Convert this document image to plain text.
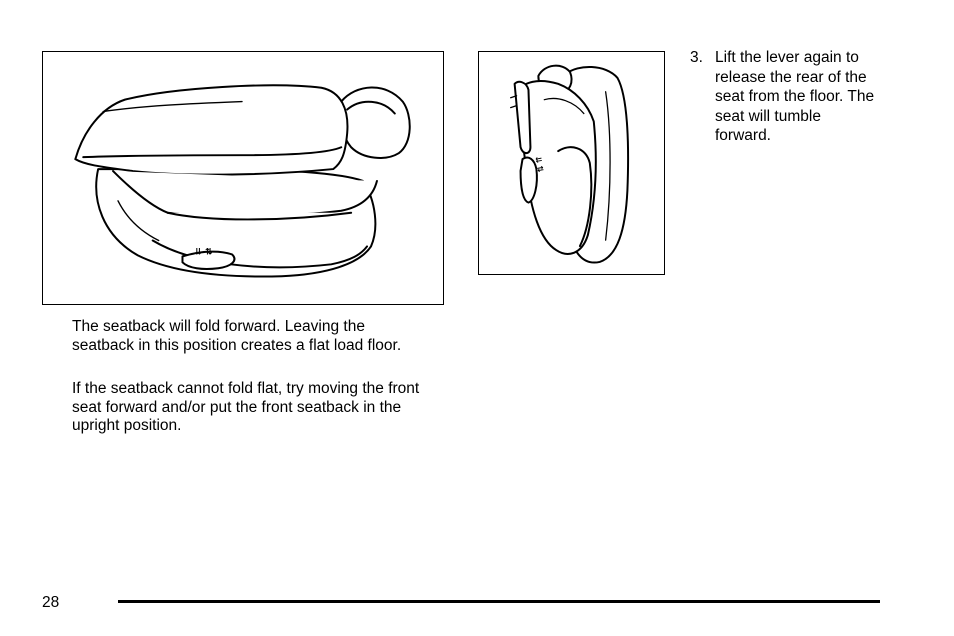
⇊ ⇅
⇊ ⇅

The seatback will fold forward. Leaving the seatback in this position creates a flat load floor.

If the seatback cannot fold flat, try moving the front seat forward and/or put the front seatback in the upright position.

3. Lift the lever again to release the rear of the seat from the floor. The seat will tumble forward.
28
